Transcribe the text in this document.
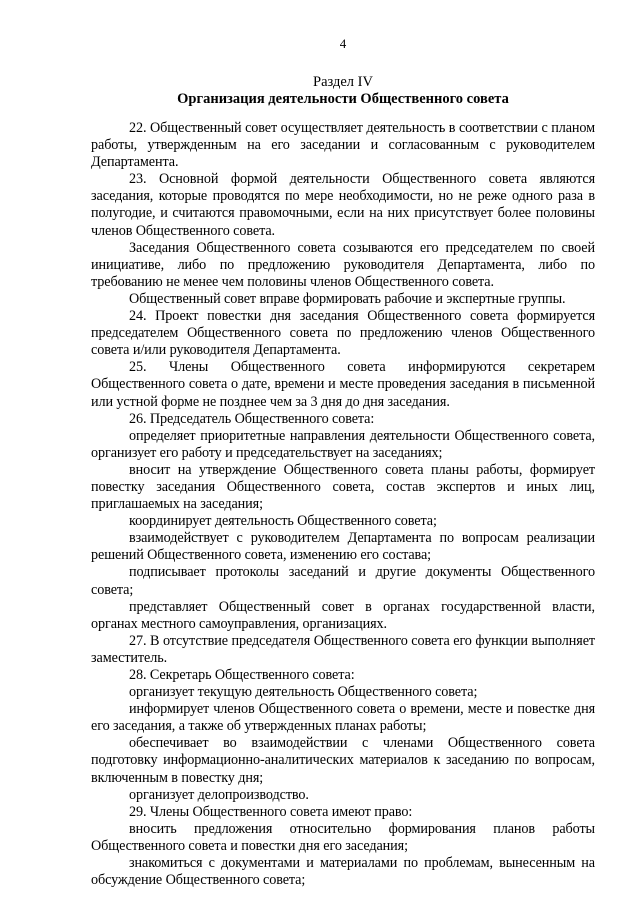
4
Раздел IV
Организация деятельности Общественного совета

22. Общественный совет осуществляет деятельность в соответствии с планом работы, утвержденным на его заседании и согласованным с руководителем Департамента.

23. Основной формой деятельности Общественного совета являются заседания, которые проводятся по мере необходимости, но не реже одного раза в полугодие, и считаются правомочными, если на них присутствует более половины членов Общественного совета.

Заседания Общественного совета созываются его председателем по своей инициативе, либо по предложению руководителя Департамента, либо по требованию не менее чем половины членов Общественного совета.

Общественный совет вправе формировать рабочие и экспертные группы.

24. Проект повестки дня заседания Общественного совета формируется председателем Общественного совета по предложению членов Общественного совета и/или руководителя Департамента.

25. Члены Общественного совета информируются секретарем Общественного совета о дате, времени и месте проведения заседания в письменной или устной форме не позднее чем за 3 дня до дня заседания.

26. Председатель Общественного совета:

определяет приоритетные направления деятельности Общественного совета, организует его работу и председательствует на заседаниях;

вносит на утверждение Общественного совета планы работы, формирует повестку заседания Общественного совета, состав экспертов и иных лиц, приглашаемых на заседания;

координирует деятельность Общественного совета;

взаимодействует с руководителем Департамента по вопросам реализации решений Общественного совета, изменению его состава;

подписывает протоколы заседаний и другие документы Общественного совета;

представляет Общественный совет в органах государственной власти, органах местного самоуправления, организациях.

27. В отсутствие председателя Общественного совета его функции выполняет заместитель.

28. Секретарь Общественного совета:

организует текущую деятельность Общественного совета;

информирует членов Общественного совета о времени, месте и повестке дня его заседания, а также об утвержденных планах работы;

обеспечивает во взаимодействии с членами Общественного совета подготовку информационно-аналитических материалов к заседанию по вопросам, включенным в повестку дня;

организует делопроизводство.

29. Члены Общественного совета имеют право:

вносить предложения относительно формирования планов работы Общественного совета и повестки дня его заседания;

знакомиться с документами и материалами по проблемам, вынесенным на обсуждение Общественного совета;
